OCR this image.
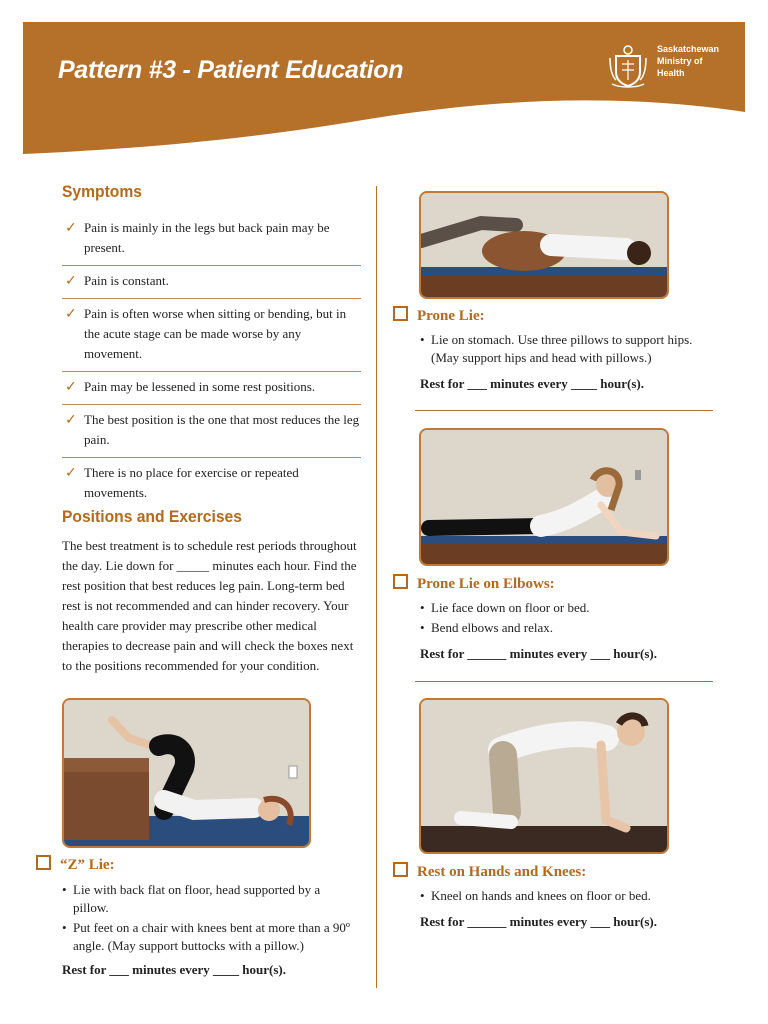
Pattern #3 - Patient Education
Saskatchewan
Ministry of
Health
Symptoms
✓ Pain is mainly in the legs but back pain may be present.
✓ Pain is constant.
✓ Pain is often worse when sitting or bending, but in the acute stage can be made worse by any movement.
✓ Pain may be lessened in some rest positions.
✓ The best position is the one that most reduces the leg pain.
✓ There is no place for exercise or repeated movements.
Positions and Exercises
The best treatment is to schedule rest periods throughout the day. Lie down for _____ minutes each hour. Find the rest position that best reduces leg pain. Long-term bed rest is not recommended and can hinder recovery. Your health care provider may prescribe other medical therapies to decrease pain and will check the boxes next to the positions recommended for your condition.
“Z” Lie:
• Lie with back flat on floor, head supported by a pillow.
• Put feet on a chair with knees bent at more than a 90º angle. (May support buttocks with a pillow.)
Rest for ___ minutes every ____ hour(s).
Prone Lie:
• Lie on stomach. Use three pillows to support hips. (May support hips and head with pillows.)
Rest for ___ minutes every ____ hour(s).
Prone Lie on Elbows:
• Lie face down on floor or bed.
• Bend elbows and relax.
Rest for ______ minutes every ___ hour(s).
Rest on Hands and Knees:
• Kneel on hands and knees on floor or bed.
Rest for ______ minutes every ___ hour(s).
